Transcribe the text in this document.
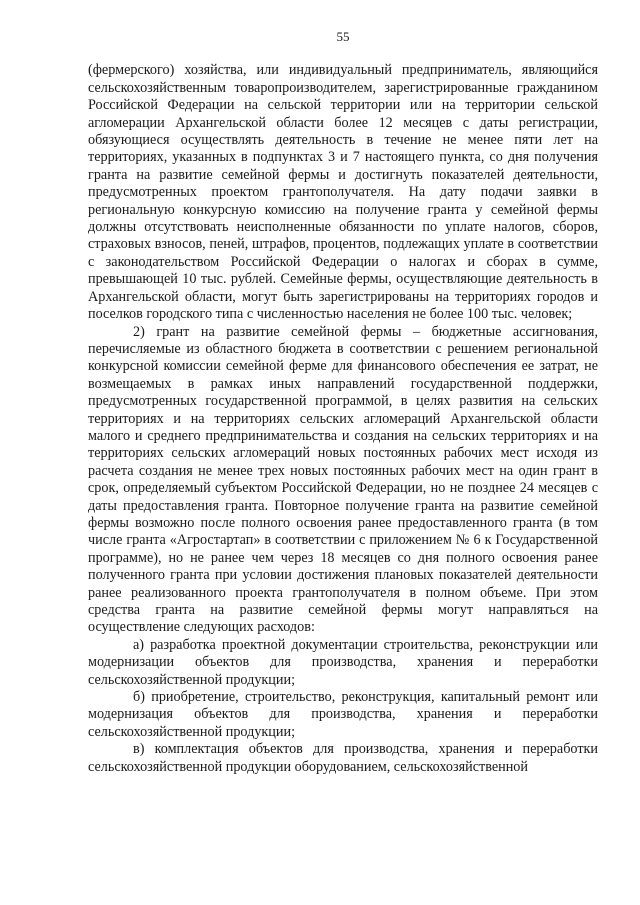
55

(фермерского) хозяйства, или индивидуальный предприниматель, являющийся сельскохозяйственным товаропроизводителем, зарегистрированные гражданином Российской Федерации на сельской территории или на территории сельской агломерации Архангельской области более 12 месяцев с даты регистрации, обязующиеся осуществлять деятельность в течение не менее пяти лет на территориях, указанных в подпунктах 3 и 7 настоящего пункта, со дня получения гранта на развитие семейной фермы и достигнуть показателей деятельности, предусмотренных проектом грантополучателя. На дату подачи заявки в региональную конкурсную комиссию на получение гранта у семейной фермы должны отсутствовать неисполненные обязанности по уплате налогов, сборов, страховых взносов, пеней, штрафов, процентов, подлежащих уплате в соответствии с законодательством Российской Федерации о налогах и сборах в сумме, превышающей 10 тыс. рублей. Семейные фермы, осуществляющие деятельность в Архангельской области, могут быть зарегистрированы на территориях городов и поселков городского типа с численностью населения не более 100 тыс. человек;

2) грант на развитие семейной фермы – бюджетные ассигнования, перечисляемые из областного бюджета в соответствии с решением региональной конкурсной комиссии семейной ферме для финансового обеспечения ее затрат, не возмещаемых в рамках иных направлений государственной поддержки, предусмотренных государственной программой, в целях развития на сельских территориях и на территориях сельских агломераций Архангельской области малого и среднего предпринимательства и создания на сельских территориях и на территориях сельских агломераций новых постоянных рабочих мест исходя из расчета создания не менее трех новых постоянных рабочих мест на один грант в срок, определяемый субъектом Российской Федерации, но не позднее 24 месяцев с даты предоставления гранта. Повторное получение гранта на развитие семейной фермы возможно после полного освоения ранее предоставленного гранта (в том числе гранта «Агростартап» в соответствии с приложением № 6 к Государственной программе), но не ранее чем через 18 месяцев со дня полного освоения ранее полученного гранта при условии достижения плановых показателей деятельности ранее реализованного проекта грантополучателя в полном объеме. При этом средства гранта на развитие семейной фермы могут направляться на осуществление следующих расходов:

а) разработка проектной документации строительства, реконструкции или модернизации объектов для производства, хранения и переработки сельскохозяйственной продукции;

б) приобретение, строительство, реконструкция, капитальный ремонт или модернизация объектов для производства, хранения и переработки сельскохозяйственной продукции;

в) комплектация объектов для производства, хранения и переработки сельскохозяйственной продукции оборудованием, сельскохозяйственной
